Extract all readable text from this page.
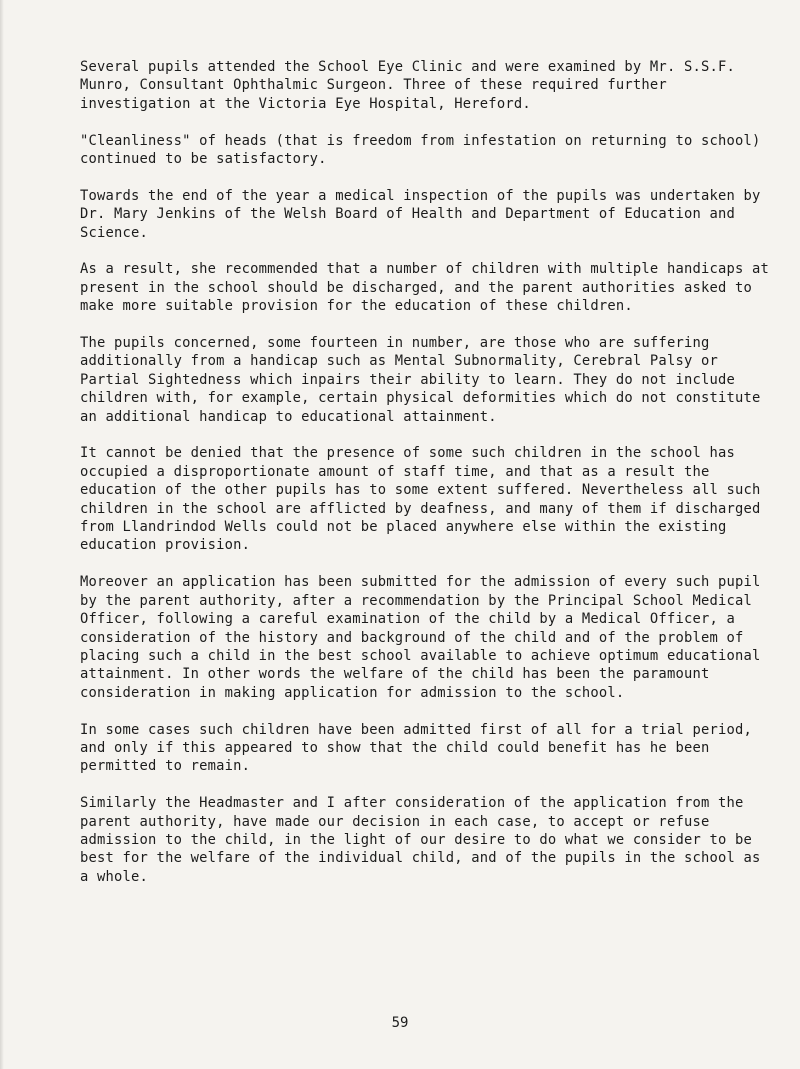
Several pupils attended the School Eye Clinic and were examined by Mr. S.S.F. Munro, Consultant Ophthalmic Surgeon. Three of these required further investigation at the Victoria Eye Hospital, Hereford.

"Cleanliness" of heads (that is freedom from infestation on returning to school) continued to be satisfactory.

Towards the end of the year a medical inspection of the pupils was undertaken by Dr. Mary Jenkins of the Welsh Board of Health and Department of Education and Science.

As a result, she recommended that a number of children with multiple handicaps at present in the school should be discharged, and the parent authorities asked to make more suitable provision for the education of these children.

The pupils concerned, some fourteen in number, are those who are suffering additionally from a handicap such as Mental Subnormality, Cerebral Palsy or Partial Sightedness which inpairs their ability to learn. They do not include children with, for example, certain physical deformities which do not constitute an additional handicap to educational attainment.

It cannot be denied that the presence of some such children in the school has occupied a disproportionate amount of staff time, and that as a result the education of the other pupils has to some extent suffered. Nevertheless all such children in the school are afflicted by deafness, and many of them if discharged from Llandrindod Wells could not be placed anywhere else within the existing education provision.

Moreover an application has been submitted for the admission of every such pupil by the parent authority, after a recommendation by the Principal School Medical Officer, following a careful examination of the child by a Medical Officer, a consideration of the history and background of the child and of the problem of placing such a child in the best school available to achieve optimum educational attainment. In other words the welfare of the child has been the paramount consideration in making application for admission to the school.

In some cases such children have been admitted first of all for a trial period, and only if this appeared to show that the child could benefit has he been permitted to remain.

Similarly the Headmaster and I after consideration of the application from the parent authority, have made our decision in each case, to accept or refuse admission to the child, in the light of our desire to do what we consider to be best for the welfare of the individual child, and of the pupils in the school as a whole.

59
